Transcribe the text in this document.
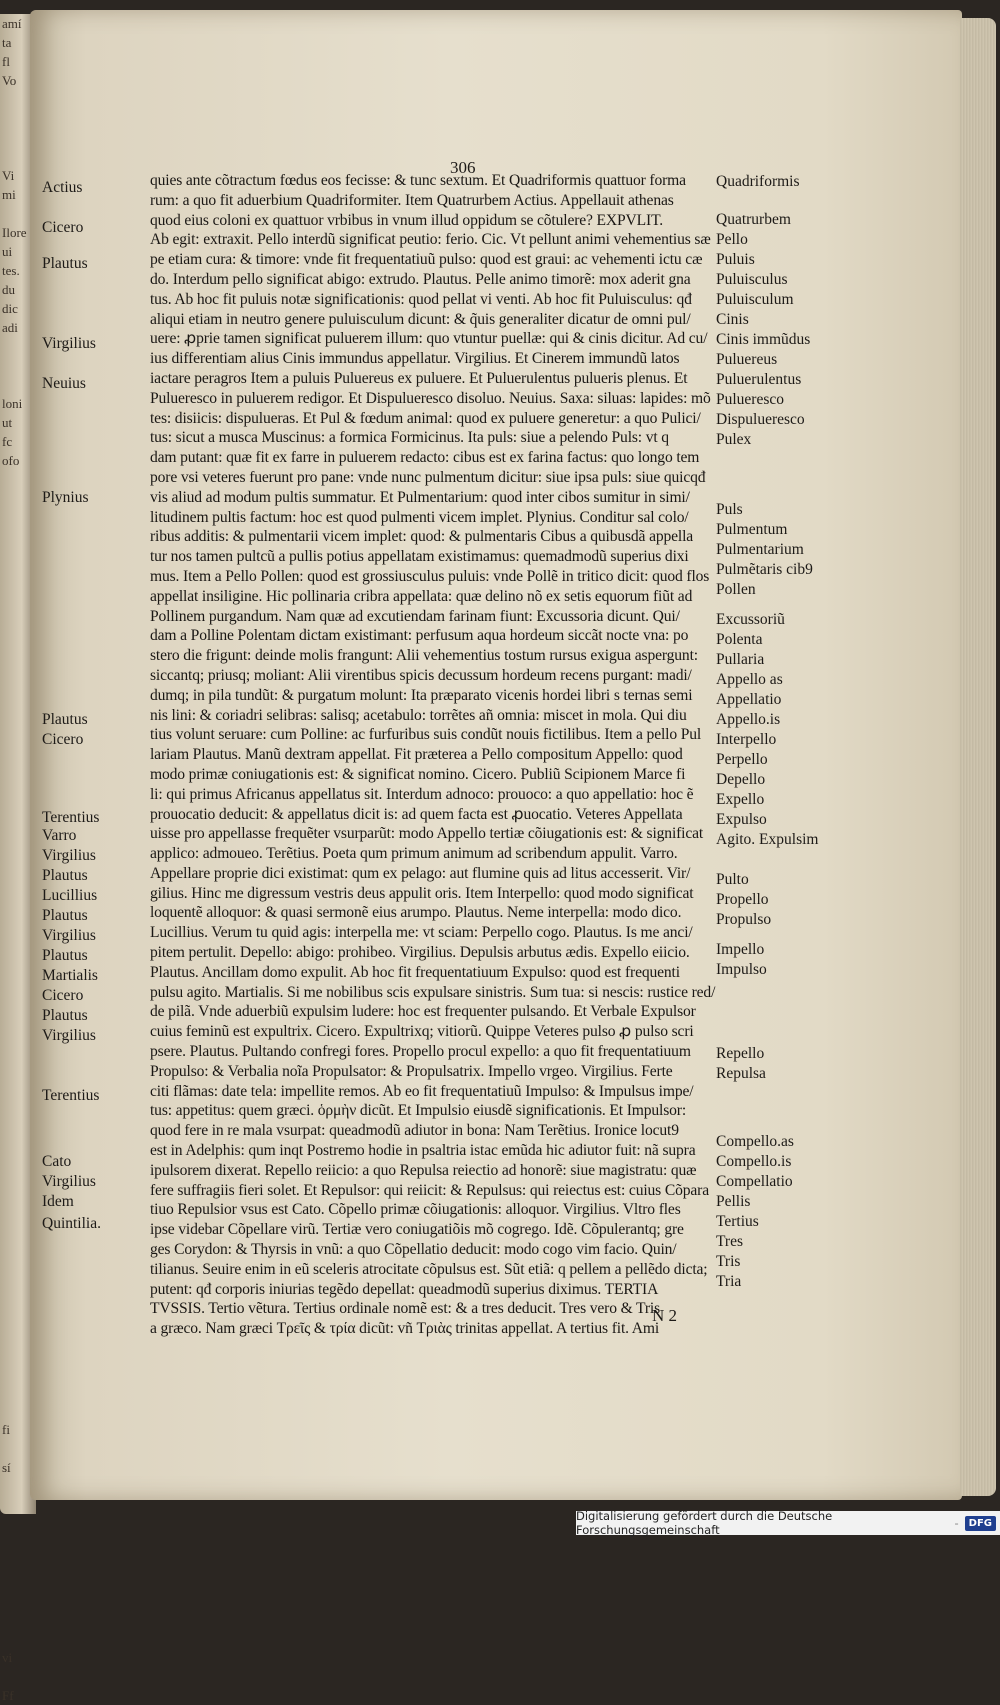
amí
ta
fl
Vo
Vi
mi
Ilore
ui
tes.
du
dic
adi
loni
ut
fc
ofo
fi
sí
vi
Ff
306
Actius
Cicero
Plautus
Virgilius
Neuius
Plynius
Plautus
Cicero
Terentius
Varro
Virgilius
Plautus
Lucillius
Plautus
Virgilius
Plautus
Martialis
Cicero
Plautus
Virgilius
Terentius
Cato
Virgilius
Idem
Quintilia.
quies ante cõtractum fœdus eos fecisse: & tunc sextum. Et Quadriformis quattuor forma
rum: a quo fit aduerbium Quadriformiter. Item Quatrurbem Actius. Appellauit athenas
quod eius coloni ex quattuor vrbibus in vnum illud oppidum se cõtulere? EXPVLIT.
Ab egit: extraxit. Pello interdũ significat peutio: ferio. Cic. Vt pellunt animi vehementius sæ
pe etiam cura: & timore: vnde fit frequentatiuũ pulso: quod est graui: ac vehementi ictu cæ
do. Interdum pello significat abigo: extrudo. Plautus. Pelle animo timorẽ: mox aderit gna
tus. Ab hoc fit puluis notæ significationis: quod pellat vi venti. Ab hoc fit Puluisculus: qđ
aliqui etiam in neutro genere puluisculum dicunt: & q̃uis generaliter dicatur de omni pul/
uere: ꝓprie tamen significat puluerem illum: quo vtuntur puellæ: qui & cinis dicitur. Ad cu/
ius differentiam alius Cinis immundus appellatur. Virgilius. Et Cinerem immundũ latos
iactare peragros Item a puluis Puluereus ex puluere. Et Puluerulentus pulueris plenus. Et
Pulueresco in puluerem redigor. Et Dispulueresco disoluo. Neuius. Saxa: siluas: lapides: mõ
tes: disiicis: dispulueras. Et Pul & fœdum animal: quod ex puluere generetur: a quo Pulici/
tus: sicut a musca Muscinus: a formica Formicinus. Ita puls: siue a pelendo Puls: vt q
dam putant: quæ fit ex farre in puluerem redacto: cibus est ex farina factus: quo longo tem
pore vsi veteres fuerunt pro pane: vnde nunc pulmentum dicitur: siue ipsa puls: siue quicqđ
vis aliud ad modum pultis summatur. Et Pulmentarium: quod inter cibos sumitur in simi/
litudinem pultis factum: hoc est quod pulmenti vicem implet. Plynius. Conditur sal colo/
ribus additis: & pulmentarii vicem implet: quod: & pulmentaris Cibus a quibusdã appella
tur nos tamen pultcũ a pullis potius appellatam existimamus: quemadmodũ superius dixi
mus. Item a Pello Pollen: quod est grossiusculus puluis: vnde Pollẽ in tritico dicit: quod flos
appellat insiligine. Hic pollinaria cribra appellata: quæ delino nõ ex setis equorum fiũt ad
Pollinem purgandum. Nam quæ ad excutiendam farinam fiunt: Excussoria dicunt. Qui/
dam a Polline Polentam dictam existimant: perfusum aqua hordeum siccãt nocte vna: po
stero die frigunt: deinde molis frangunt: Alii vehementius tostum rursus exigua aspergunt:
siccantq; priusq; moliant: Alii virentibus spicis decussum hordeum recens purgant: madi/
dumq; in pila tundũt: & purgatum molunt: Ita præparato vicenis hordei libri s ternas semi
nis lini: & coriadri selibras: salisq; acetabulo: torrẽtes añ omnia: miscet in mola. Qui diu
tius volunt seruare: cum Polline: ac furfuribus suis condũt nouis fictilibus. Item a pello Pul
lariam Plautus. Manũ dextram appellat. Fit præterea a Pello compositum Appello: quod
modo primæ coniugationis est: & significat nomino. Cicero. Publiũ Scipionem Marce fi
li: qui primus Africanus appellatus sit. Interdum adnoco: prouoco: a quo appellatio: hoc ẽ
prouocatio deducit: & appellatus dicit is: ad quem facta est ꝓuocatio. Veteres Appellata
uisse pro appellasse frequẽter vsurparũt: modo Appello tertiæ cõiugationis est: & significat
applico: admoueo. Terẽtius. Poeta qum primum animum ad scribendum appulit. Varro.
Appellare proprie dici existimat: qum ex pelago: aut flumine quis ad litus accesserit. Vir/
gilius. Hinc me digressum vestris deus appulit oris. Item Interpello: quod modo significat
loquentẽ alloquor: & quasi sermonẽ eius arumpo. Plautus. Neme interpella: modo dico.
Lucillius. Verum tu quid agis: interpella me: vt sciam: Perpello cogo. Plautus. Is me anci/
pitem pertulit. Depello: abigo: prohibeo. Virgilius. Depulsis arbutus ædis. Expello eiicio.
Plautus. Ancillam domo expulit. Ab hoc fit frequentatiuum Expulso: quod est frequenti
pulsu agito. Martialis. Si me nobilibus scis expulsare sinistris. Sum tua: si nescis: rustice red/
de pilã. Vnde aduerbiũ expulsim ludere: hoc est frequenter pulsando. Et Verbale Expulsor
cuius feminũ est expultrix. Cicero. Expultrixq; vitiorũ. Quippe Veteres pulso ꝓ pulso scri
psere. Plautus. Pultando confregi fores. Propello procul expello: a quo fit frequentatiuum
Propulso: & Verbalia noĩa Propulsator: & Propulsatrix. Impello vrgeo. Virgilius. Ferte
citi flãmas: date tela: impellite remos. Ab eo fit frequentatiuũ Impulso: & Impulsus impe/
tus: appetitus: quem græci. ὁρμὴν dicũt. Et Impulsio eiusdẽ significationis. Et Impulsor:
quod fere in re mala vsurpat: queadmodũ adiutor in bona: Nam Terẽtius. Ironice locut9
est in Adelphis: qum inqt Postremo hodie in psaltria istac emũda hic adiutor fuit: nã supra
ipulsorem dixerat. Repello reiicio: a quo Repulsa reiectio ad honorẽ: siue magistratu: quæ
fere suffragiis fieri solet. Et Repulsor: qui reiicit: & Repulsus: qui reiectus est: cuius Cõpara
tiuo Repulsior vsus est Cato. Cõpello primæ cõiugationis: alloquor. Virgilius. Vltro fles
ipse videbar Cõpellare virũ. Tertiæ vero coniugatiõis mõ cogrego. Idẽ. Cõpulerantq; gre
ges Corydon: & Thyrsis in vnũ: a quo Cõpellatio deducit: modo cogo vim facio. Quin/
tilianus. Seuire enim in eũ sceleris atrocitate cõpulsus est. Sũt etiã: q pellem a pellẽdo dicta;
putent: qđ corporis iniurias tegẽdo depellat: queadmodũ superius diximus. TERTIA
TVSSIS. Tertio vẽtura. Tertius ordinale nomẽ est: & a tres deducit. Tres vero & Tris
a græco. Nam græci Τρεῖς & τρία dicũt: vñ Τριὰς trinitas appellat. A tertius fit. Ami
Quadriformis
Quatrurbem
Pello
Puluis
Puluisculus
Puluisculum
Cinis
Cinis immũdus
Puluereus
Puluerulentus
Pulueresco
Dispulueresco
Pulex
Puls
Pulmentum
Pulmentarium
Pulmẽtaris cib9
Pollen
Excussoriũ
Polenta
Pullaria
Appello as
Appellatio
Appello.is
Interpello
Perpello
Depello
Expello
Expulso
Agito. Expulsim
Pulto
Propello
Propulso
Impello
Impulso
Repello
Repulsa
Compello.as
Compello.is
Compellatio
Pellis
Tertius
Tres
Tris
Tria
N 2
Digitalisierung gefördert durch die Deutsche Forschungsgemeinschaft	-	DFG
